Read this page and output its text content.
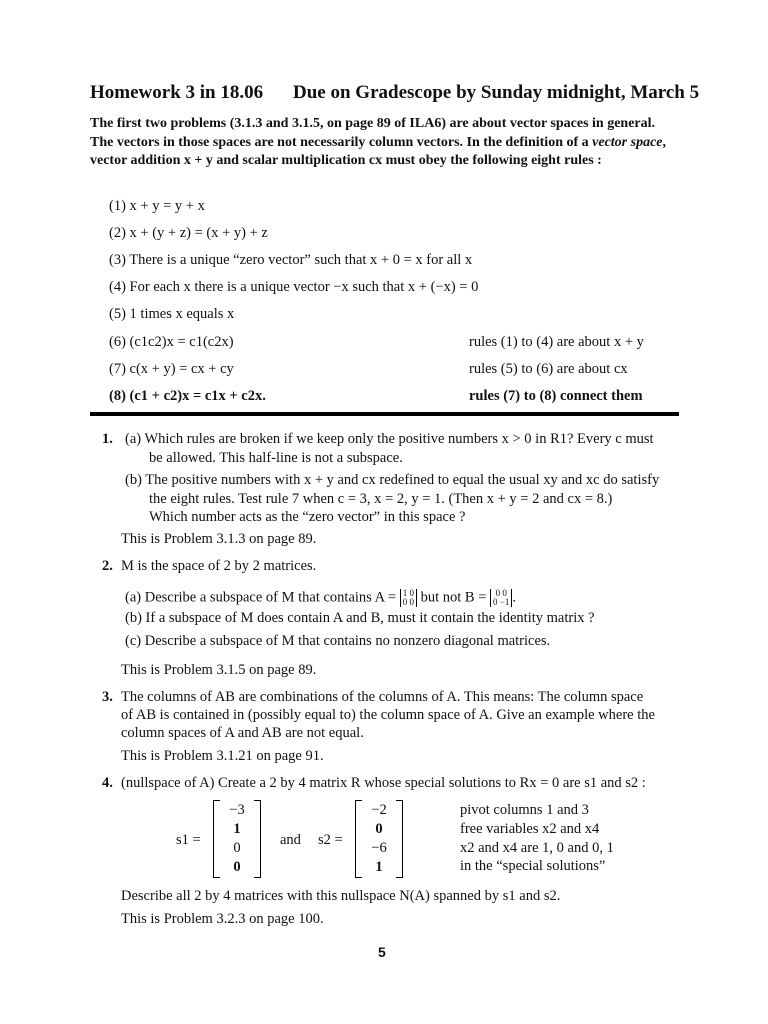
Homework 3 in 18.06 Due on Gradescope by Sunday midnight, March 5
The first two problems (3.1.3 and 3.1.5, on page 89 of ILA6) are about vector spaces in general. The vectors in those spaces are not necessarily column vectors. In the definition of a vector space, vector addition x + y and scalar multiplication cx must obey the following eight rules :
(1) x + y = y + x
(2) x + (y + z) = (x + y) + z
(3) There is a unique “zero vector” such that x + 0 = x for all x
(4) For each x there is a unique vector −x such that x + (−x) = 0
(5) 1 times x equals x
(6) (c1c2)x = c1(c2x)
(7) c(x + y) = cx + cy
(8) (c1 + c2)x = c1x + c2x.
rules (1) to (4) are about x + y
rules (5) to (6) are about cx
rules (7) to (8) connect them
1. (a) Which rules are broken if we keep only the positive numbers x > 0 in R1? Every c must
be allowed. This half-line is not a subspace.
(b) The positive numbers with x + y and cx redefined to equal the usual xy and xc do satisfy
the eight rules. Test rule 7 when c = 3, x = 2, y = 1. (Then x + y = 2 and cx = 8.)
Which number acts as the “zero vector” in this space ?
This is Problem 3.1.3 on page 89.
2. M is the space of 2 by 2 matrices.
(a) Describe a subspace of M that contains A = 1 0
0 0 but not B = 0 0
0 −1 .
(b) If a subspace of M does contain A and B, must it contain the identity matrix ?
(c) Describe a subspace of M that contains no nonzero diagonal matrices.
This is Problem 3.1.5 on page 89.
3. The columns of AB are combinations of the columns of A. This means: The column space
of AB is contained in (possibly equal to) the column space of A. Give an example where the
column spaces of A and AB are not equal.
This is Problem 3.1.21 on page 91.
4. (nullspace of A) Create a 2 by 4 matrix R whose special solutions to Rx = 0 are s1 and s2 :
s1 =
−3
1
0
0
and s2 =
−2
0
−6
1
pivot columns 1 and 3
free variables x2 and x4
x2 and x4 are 1, 0 and 0, 1
in the “special solutions”
Describe all 2 by 4 matrices with this nullspace N(A) spanned by s1 and s2.
This is Problem 3.2.3 on page 100.
5
